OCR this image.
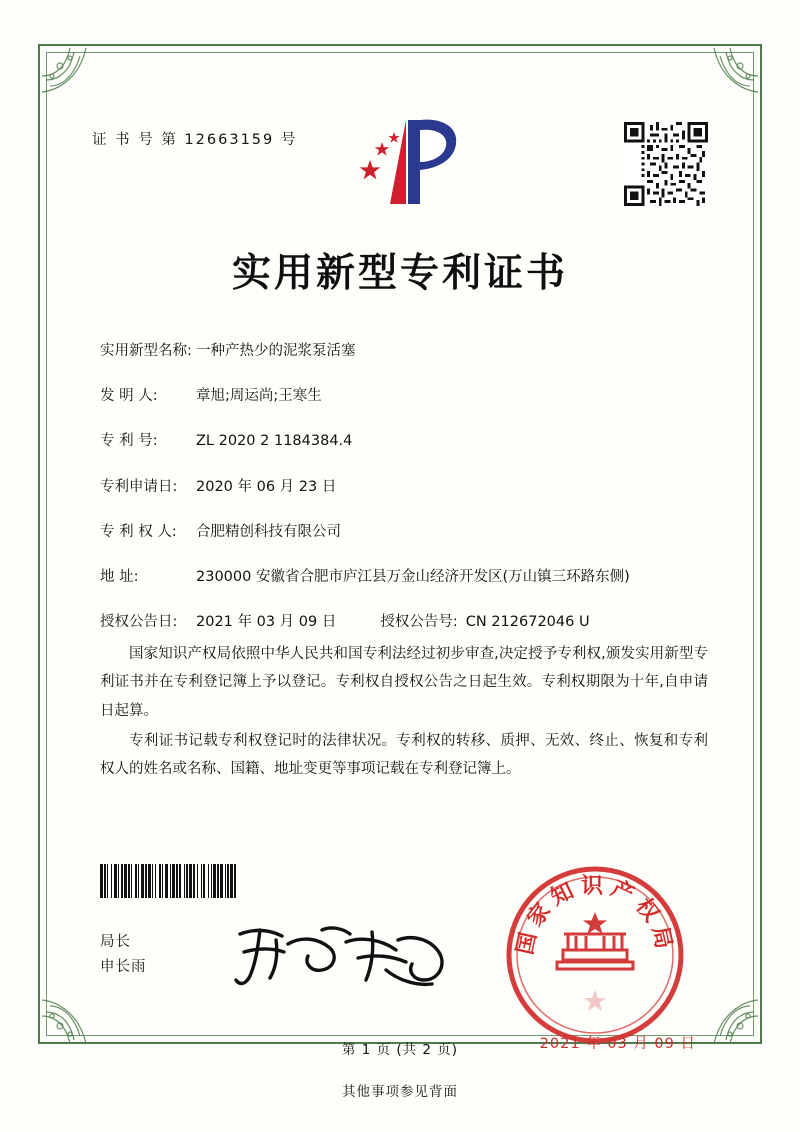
证 书 号 第 12663159 号
实用新型专利证书
实用新型名称: 一种产热少的泥浆泵活塞
发 明 人:	章旭;周运尚;王寒生
专 利 号:	ZL 2020 2 1184384.4
专利申请日:	2020 年 06 月 23 日
专 利 权 人:	合肥精创科技有限公司
地 址:	230000 安徽省合肥市庐江县万金山经济开发区(万山镇三环路东侧)
授权公告日:	2021 年 03 月 09 日	授权公告号: CN 212672046 U

国家知识产权局依照中华人民共和国专利法经过初步审查,决定授予专利权,颁发实用新型专利证书并在专利登记簿上予以登记。专利权自授权公告之日起生效。专利权期限为十年,自申请日起算。

专利证书记载专利权登记时的法律状况。专利权的转移、质押、无效、终止、恢复和专利权人的姓名或名称、国籍、地址变更等事项记载在专利登记簿上。

局长
申长雨
国家知识产权局
2021 年 03 月 09 日
第 1 页 (共 2 页)
其他事项参见背面
